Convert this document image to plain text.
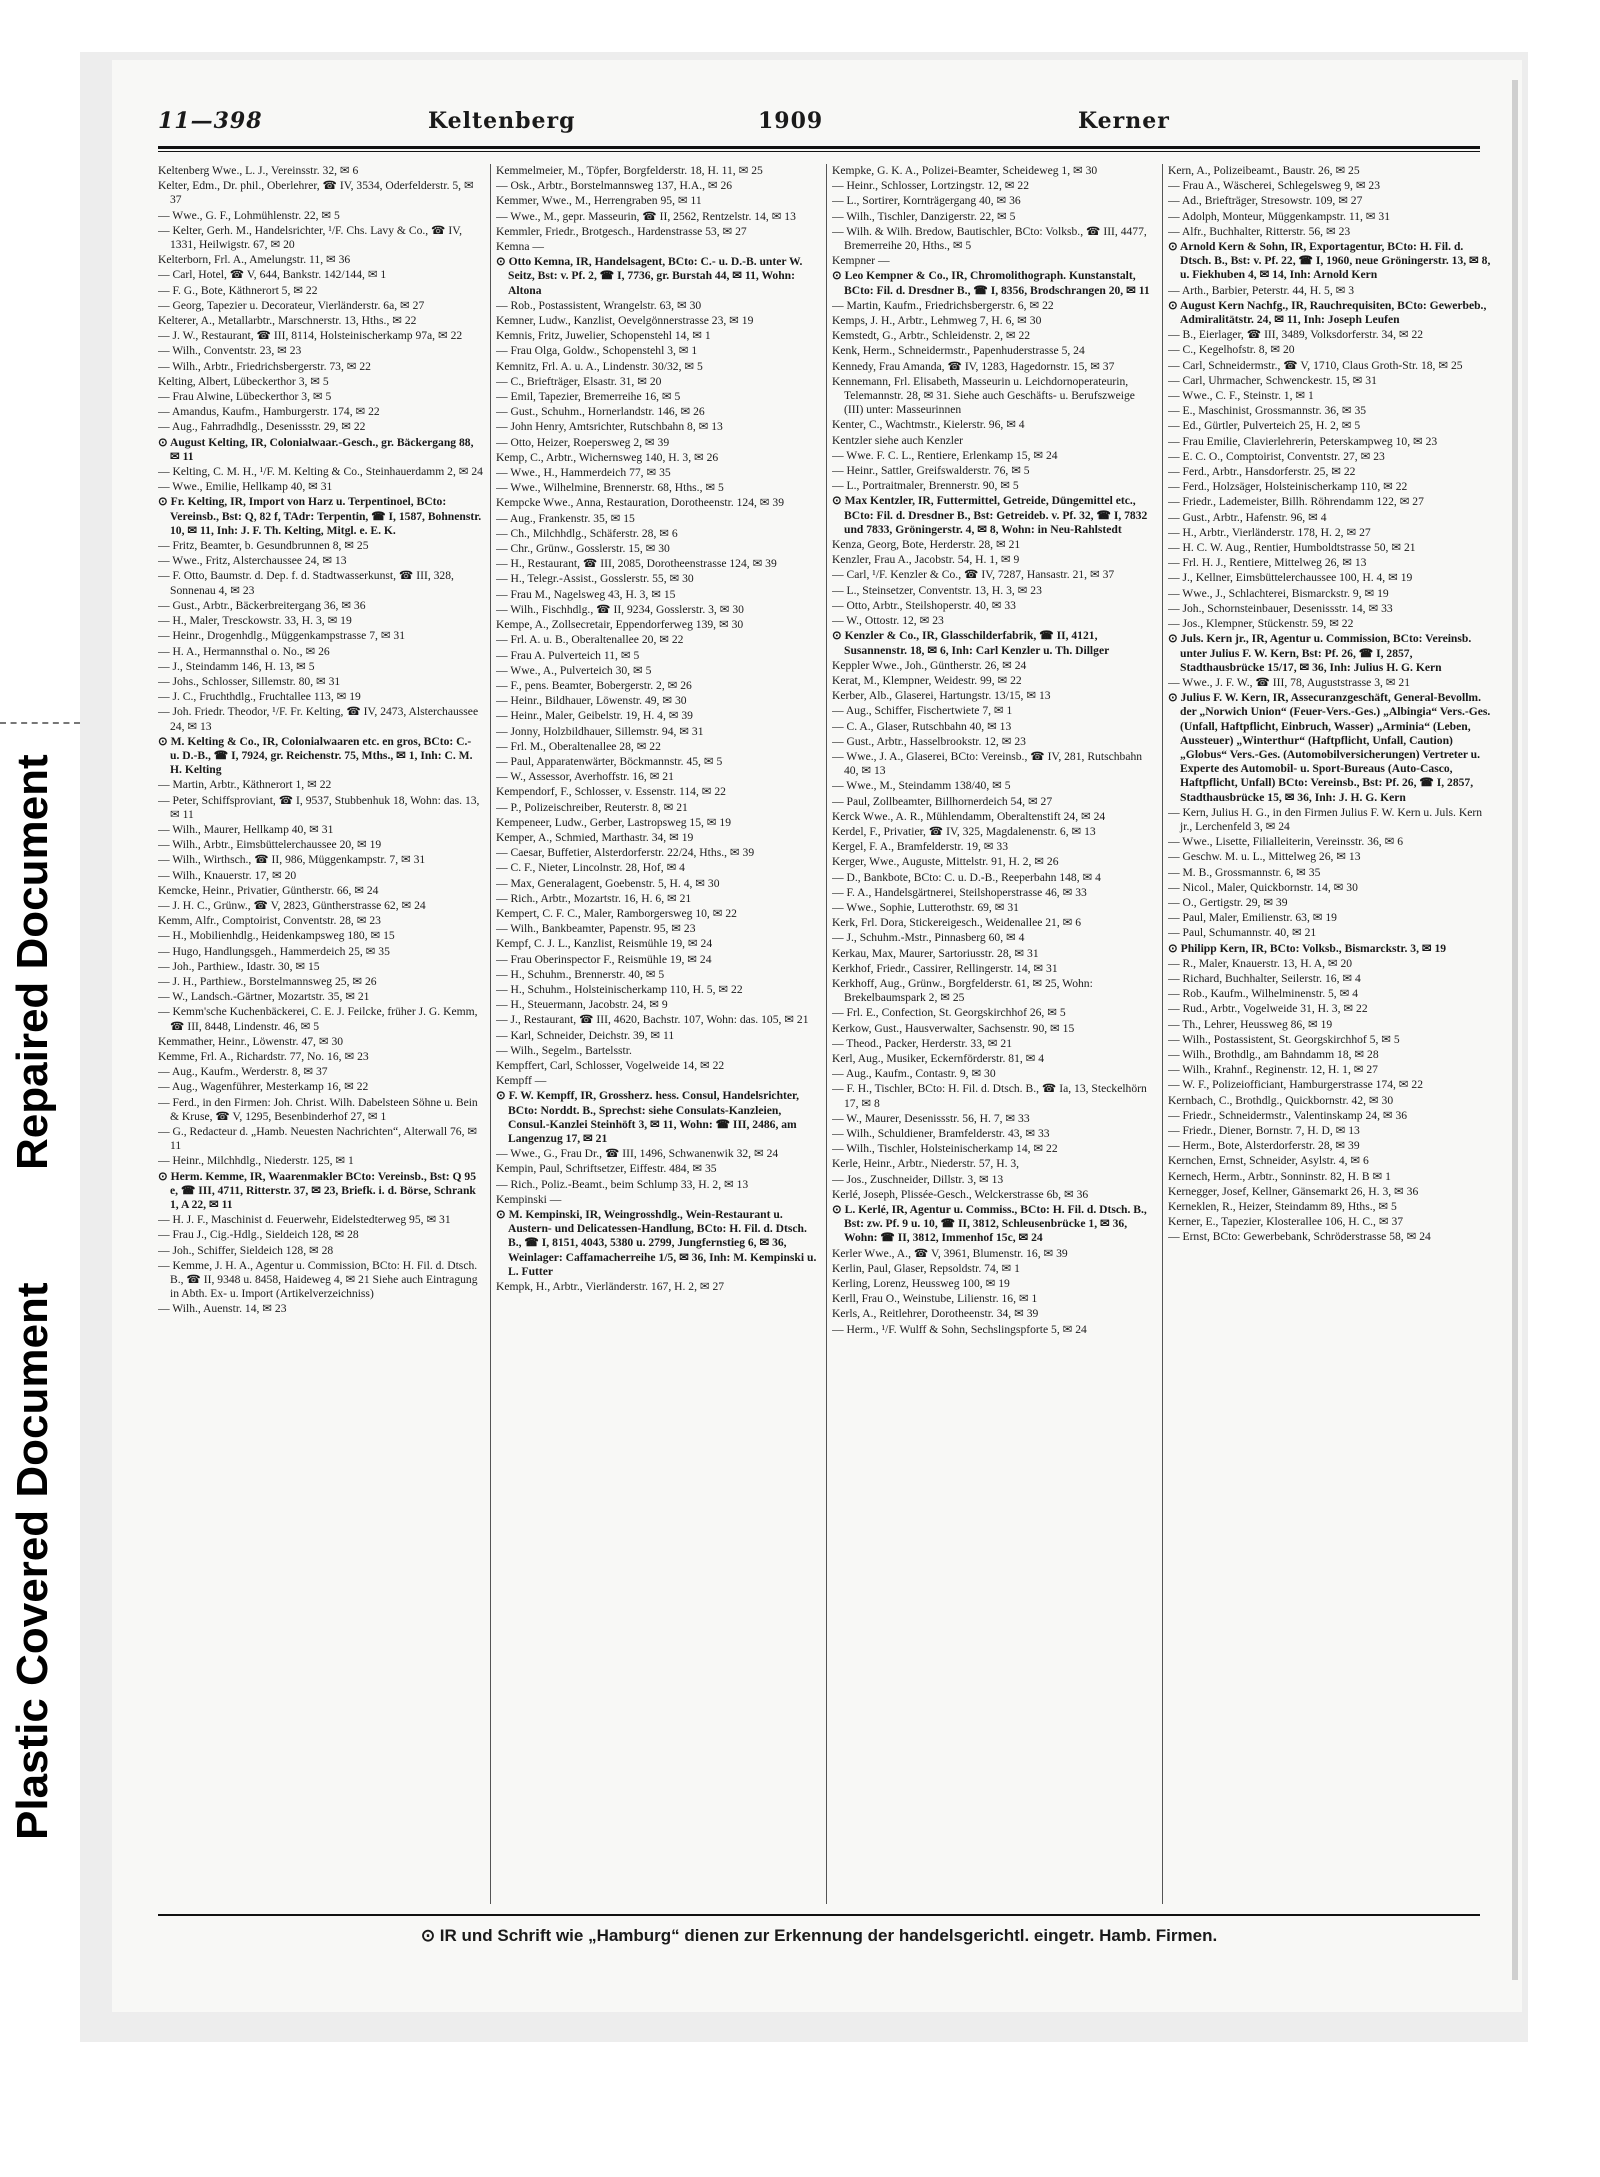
Repaired Document
Plastic Covered Document
11—398	Keltenberg	1909	Kerner

Keltenberg Wwe., L. J., Vereinsstr. 32, ✉ 6

Kelter, Edm., Dr. phil., Oberlehrer, ☎ IV, 3534, Oderfelderstr. 5, ✉ 37

— Wwe., G. F., Lohmühlenstr. 22, ✉ 5

— Kelter, Gerh. M., Handelsrichter, ¹/F. Chs. Lavy & Co., ☎ IV, 1331, Heilwigstr. 67, ✉ 20

Kelterborn, Frl. A., Amelungstr. 11, ✉ 36

— Carl, Hotel, ☎ V, 644, Bankstr. 142/144, ✉ 1

— F. G., Bote, Käthnerort 5, ✉ 22

— Georg, Tapezier u. Decorateur, Vierländerstr. 6a, ✉ 27

Kelterer, A., Metallarbtr., Marschnerstr. 13, Hths., ✉ 22

— J. W., Restaurant, ☎ III, 8114, Holsteinischerkamp 97a, ✉ 22

— Wilh., Conventstr. 23, ✉ 23

— Wilh., Arbtr., Friedrichsbergerstr. 73, ✉ 22

Kelting, Albert, Lübeckerthor 3, ✉ 5

— Frau Alwine, Lübeckerthor 3, ✉ 5

— Amandus, Kaufm., Hamburgerstr. 174, ✉ 22

— Aug., Fahrradhdlg., Desenissstr. 29, ✉ 22

⊙ August Kelting, IR, Colonialwaar.-Gesch., gr. Bäckergang 88, ✉ 11

— Kelting, C. M. H., ¹/F. M. Kelting & Co., Steinhauerdamm 2, ✉ 24

— Wwe., Emilie, Hellkamp 40, ✉ 31

⊙ Fr. Kelting, IR, Import von Harz u. Terpentinoel, BCto: Vereinsb., Bst: Q, 82 f, TAdr: Terpentin, ☎ I, 1587, Bohnenstr. 10, ✉ 11, Inh: J. F. Th. Kelting, Mitgl. e. E. K.

— Fritz, Beamter, b. Gesundbrunnen 8, ✉ 25

— Wwe., Fritz, Alsterchaussee 24, ✉ 13

— F. Otto, Baumstr. d. Dep. f. d. Stadtwasserkunst, ☎ III, 328, Sonnenau 4, ✉ 23

— Gust., Arbtr., Bäckerbreitergang 36, ✉ 36

— H., Maler, Tresckowstr. 33, H. 3, ✉ 19

— Heinr., Drogenhdlg., Müggenkampstrasse 7, ✉ 31

— H. A., Hermannsthal o. No., ✉ 26

— J., Steindamm 146, H. 13, ✉ 5

— Johs., Schlosser, Sillemstr. 80, ✉ 31

— J. C., Fruchthdlg., Fruchtallee 113, ✉ 19

— Joh. Friedr. Theodor, ¹/F. Fr. Kelting, ☎ IV, 2473, Alsterchaussee 24, ✉ 13

⊙ M. Kelting & Co., IR, Colonialwaaren etc. en gros, BCto: C.- u. D.-B., ☎ I, 7924, gr. Reichenstr. 75, Mths., ✉ 1, Inh: C. M. H. Kelting

— Martin, Arbtr., Käthnerort 1, ✉ 22

— Peter, Schiffsproviant, ☎ I, 9537, Stubbenhuk 18, Wohn: das. 13, ✉ 11

— Wilh., Maurer, Hellkamp 40, ✉ 31

— Wilh., Arbtr., Eimsbüttelerchaussee 20, ✉ 19

— Wilh., Wirthsch., ☎ II, 986, Müggenkampstr. 7, ✉ 31

— Wilh., Knauerstr. 17, ✉ 20

Kemcke, Heinr., Privatier, Güntherstr. 66, ✉ 24

— J. H. C., Grünw., ☎ V, 2823, Güntherstrasse 62, ✉ 24

Kemm, Alfr., Comptoirist, Conventstr. 28, ✉ 23

— H., Mobilienhdlg., Heidenkampsweg 180, ✉ 15

— Hugo, Handlungsgeh., Hammerdeich 25, ✉ 35

— Joh., Parthiew., Idastr. 30, ✉ 15

— J. H., Parthiew., Borstelmannsweg 25, ✉ 26

— W., Landsch.-Gärtner, Mozartstr. 35, ✉ 21

— Kemm'sche Kuchenbäckerei, C. E. J. Feilcke, früher J. G. Kemm, ☎ III, 8448, Lindenstr. 46, ✉ 5

Kemmather, Heinr., Löwenstr. 47, ✉ 30

Kemme, Frl. A., Richardstr. 77, No. 16, ✉ 23

— Aug., Kaufm., Werderstr. 8, ✉ 37

— Aug., Wagenführer, Mesterkamp 16, ✉ 22

— Ferd., in den Firmen: Joh. Christ. Wilh. Dabelsteen Söhne u. Bein & Kruse, ☎ V, 1295, Besenbinderhof 27, ✉ 1

— G., Redacteur d. „Hamb. Neuesten Nachrichten“, Alterwall 76, ✉ 11

— Heinr., Milchhdlg., Niederstr. 125, ✉ 1

⊙ Herm. Kemme, IR, Waarenmakler BCto: Vereinsb., Bst: Q 95 e, ☎ III, 4711, Ritterstr. 37, ✉ 23, Briefk. i. d. Börse, Schrank 1, A 22, ✉ 11

— H. J. F., Maschinist d. Feuerwehr, Eidelstedterweg 95, ✉ 31

— Frau J., Cig.-Hdlg., Sieldeich 128, ✉ 28

— Joh., Schiffer, Sieldeich 128, ✉ 28

— Kemme, J. H. A., Agentur u. Commission, BCto: H. Fil. d. Dtsch. B., ☎ II, 9348 u. 8458, Haideweg 4, ✉ 21 Siehe auch Eintragung in Abth. Ex- u. Import (Artikelverzeichniss)

— Wilh., Auenstr. 14, ✉ 23

Kemmelmeier, M., Töpfer, Borgfelderstr. 18, H. 11, ✉ 25

— Osk., Arbtr., Borstelmannsweg 137, H.A., ✉ 26

Kemmer, Wwe., M., Herrengraben 95, ✉ 11

— Wwe., M., gepr. Masseurin, ☎ II, 2562, Rentzelstr. 14, ✉ 13

Kemmler, Friedr., Brotgesch., Hardenstrasse 53, ✉ 27

Kemna —

⊙ Otto Kemna, IR, Handelsagent, BCto: C.- u. D.-B. unter W. Seitz, Bst: v. Pf. 2, ☎ I, 7736, gr. Burstah 44, ✉ 11, Wohn: Altona

— Rob., Postassistent, Wrangelstr. 63, ✉ 30

Kemner, Ludw., Kanzlist, Oevelgönnerstrasse 23, ✉ 19

Kemnis, Fritz, Juwelier, Schopenstehl 14, ✉ 1

— Frau Olga, Goldw., Schopenstehl 3, ✉ 1

Kemnitz, Frl. A. u. A., Lindenstr. 30/32, ✉ 5

— C., Briefträger, Elsastr. 31, ✉ 20

— Emil, Tapezier, Bremerreihe 16, ✉ 5

— Gust., Schuhm., Hornerlandstr. 146, ✉ 26

— John Henry, Amtsrichter, Rutschbahn 8, ✉ 13

— Otto, Heizer, Roepersweg 2, ✉ 39

Kemp, C., Arbtr., Wichernsweg 140, H. 3, ✉ 26

— Wwe., H., Hammerdeich 77, ✉ 35

— Wwe., Wilhelmine, Brennerstr. 68, Hths., ✉ 5

Kempcke Wwe., Anna, Restauration, Dorotheenstr. 124, ✉ 39

— Aug., Frankenstr. 35, ✉ 15

— Ch., Milchhdlg., Schäferstr. 28, ✉ 6

— Chr., Grünw., Gosslerstr. 15, ✉ 30

— H., Restaurant, ☎ III, 2085, Dorotheenstrasse 124, ✉ 39

— H., Telegr.-Assist., Gosslerstr. 55, ✉ 30

— Frau M., Nagelsweg 43, H. 3, ✉ 15

— Wilh., Fischhdlg., ☎ II, 9234, Gosslerstr. 3, ✉ 30

Kempe, A., Zollsecretair, Eppendorferweg 139, ✉ 30

— Frl. A. u. B., Oberaltenallee 20, ✉ 22

— Frau A. Pulverteich 11, ✉ 5

— Wwe., A., Pulverteich 30, ✉ 5

— F., pens. Beamter, Bobergerstr. 2, ✉ 26

— Heinr., Bildhauer, Löwenstr. 49, ✉ 30

— Heinr., Maler, Geibelstr. 19, H. 4, ✉ 39

— Jonny, Holzbildhauer, Sillemstr. 94, ✉ 31

— Frl. M., Oberaltenallee 28, ✉ 22

— Paul, Apparatenwärter, Böckmannstr. 45, ✉ 5

— W., Assessor, Averhoffstr. 16, ✉ 21

Kempendorf, F., Schlosser, v. Essenstr. 114, ✉ 22

— P., Polizeischreiber, Reuterstr. 8, ✉ 21

Kempeneer, Ludw., Gerber, Lastropsweg 15, ✉ 19

Kemper, A., Schmied, Marthastr. 34, ✉ 19

— Caesar, Buffetier, Alsterdorferstr. 22/24, Hths., ✉ 39

— C. F., Nieter, Lincolnstr. 28, Hof, ✉ 4

— Max, Generalagent, Goebenstr. 5, H. 4, ✉ 30

— Rich., Arbtr., Mozartstr. 16, H. 6, ✉ 21

Kempert, C. F. C., Maler, Ramborgersweg 10, ✉ 22

— Wilh., Bankbeamter, Papenstr. 95, ✉ 23

Kempf, C. J. L., Kanzlist, Reismühle 19, ✉ 24

— Frau Oberinspector F., Reismühle 19, ✉ 24

— H., Schuhm., Brennerstr. 40, ✉ 5

— H., Schuhm., Holsteinischerkamp 110, H. 5, ✉ 22

— H., Steuermann, Jacobstr. 24, ✉ 9

— J., Restaurant, ☎ III, 4620, Bachstr. 107, Wohn: das. 105, ✉ 21

— Karl, Schneider, Deichstr. 39, ✉ 11

— Wilh., Segelm., Bartelsstr.

Kempffert, Carl, Schlosser, Vogelweide 14, ✉ 22

Kempff —

⊙ F. W. Kempff, IR, Grossherz. hess. Consul, Handelsrichter, BCto: Norddt. B., Sprechst: siehe Consulats-Kanzleien, Consul.-Kanzlei Steinhöft 3, ✉ 11, Wohn: ☎ III, 2486, am Langenzug 17, ✉ 21

— Wwe., G., Frau Dr., ☎ III, 1496, Schwanenwik 32, ✉ 24

Kempin, Paul, Schriftsetzer, Eiffestr. 484, ✉ 35

— Rich., Poliz.-Beamt., beim Schlump 33, H. 2, ✉ 13

Kempinski —

⊙ M. Kempinski, IR, Weingrosshdlg., Wein-Restaurant u. Austern- und Delicatessen-Handlung, BCto: H. Fil. d. Dtsch. B., ☎ I, 8151, 4043, 5380 u. 2799, Jungfernstieg 6, ✉ 36, Weinlager: Caffamacherreihe 1/5, ✉ 36, Inh: M. Kempinski u. L. Futter

Kempk, H., Arbtr., Vierländerstr. 167, H. 2, ✉ 27

Kempke, G. K. A., Polizei-Beamter, Scheideweg 1, ✉ 30

— Heinr., Schlosser, Lortzingstr. 12, ✉ 22

— L., Sortirer, Kornträgergang 40, ✉ 36

— Wilh., Tischler, Danzigerstr. 22, ✉ 5

— Wilh. & Wilh. Bredow, Bautischler, BCto: Volksb., ☎ III, 4477, Bremerreihe 20, Hths., ✉ 5

Kempner —

⊙ Leo Kempner & Co., IR, Chromolithograph. Kunstanstalt, BCto: Fil. d. Dresdner B., ☎ I, 8356, Brodschrangen 20, ✉ 11

— Martin, Kaufm., Friedrichsbergerstr. 6, ✉ 22

Kemps, J. H., Arbtr., Lehmweg 7, H. 6, ✉ 30

Kemstedt, G., Arbtr., Schleidenstr. 2, ✉ 22

Kenk, Herm., Schneidermstr., Papenhuderstrasse 5, 24

Kennedy, Frau Amanda, ☎ IV, 1283, Hagedornstr. 15, ✉ 37

Kennemann, Frl. Elisabeth, Masseurin u. Leichdornoperateurin, Telemannstr. 28, ✉ 31. Siehe auch Geschäfts- u. Berufszweige (III) unter: Masseurinnen

Kenter, C., Wachtmstr., Kielerstr. 96, ✉ 4

Kentzler siehe auch Kenzler

— Wwe. F. C. L., Rentiere, Erlenkamp 15, ✉ 24

— Heinr., Sattler, Greifswalderstr. 76, ✉ 5

— L., Portraitmaler, Brennerstr. 90, ✉ 5

⊙ Max Kentzler, IR, Futtermittel, Getreide, Düngemittel etc., BCto: Fil. d. Dresdner B., Bst: Getreideb. v. Pf. 32, ☎ I, 7832 und 7833, Gröningerstr. 4, ✉ 8, Wohn: in Neu-Rahlstedt

Kenza, Georg, Bote, Herderstr. 28, ✉ 21

Kenzler, Frau A., Jacobstr. 54, H. 1, ✉ 9

— Carl, ¹/F. Kenzler & Co., ☎ IV, 7287, Hansastr. 21, ✉ 37

— L., Steinsetzer, Conventstr. 13, H. 3, ✉ 23

— Otto, Arbtr., Steilshoperstr. 40, ✉ 33

— W., Ottostr. 12, ✉ 23

⊙ Kenzler & Co., IR, Glasschilderfabrik, ☎ II, 4121, Susannenstr. 18, ✉ 6, Inh: Carl Kenzler u. Th. Dillger

Keppler Wwe., Joh., Güntherstr. 26, ✉ 24

Kerat, M., Klempner, Weidestr. 99, ✉ 22

Kerber, Alb., Glaserei, Hartungstr. 13/15, ✉ 13

— Aug., Schiffer, Fischertwiete 7, ✉ 1

— C. A., Glaser, Rutschbahn 40, ✉ 13

— Gust., Arbtr., Hasselbrookstr. 12, ✉ 23

— Wwe., J. A., Glaserei, BCto: Vereinsb., ☎ IV, 281, Rutschbahn 40, ✉ 13

— Wwe., M., Steindamm 138/40, ✉ 5

— Paul, Zollbeamter, Billhornerdeich 54, ✉ 27

Kerck Wwe., A. R., Mühlendamm, Oberaltenstift 24, ✉ 24

Kerdel, F., Privatier, ☎ IV, 325, Magdalenenstr. 6, ✉ 13

Kergel, F. A., Bramfelderstr. 19, ✉ 33

Kerger, Wwe., Auguste, Mittelstr. 91, H. 2, ✉ 26

— D., Bankbote, BCto: C. u. D.-B., Reeperbahn 148, ✉ 4

— F. A., Handelsgärtnerei, Steilshoperstrasse 46, ✉ 33

— Wwe., Sophie, Lutterothstr. 69, ✉ 31

Kerk, Frl. Dora, Stickereigesch., Weidenallee 21, ✉ 6

— J., Schuhm.-Mstr., Pinnasberg 60, ✉ 4

Kerkau, Max, Maurer, Sartoriusstr. 28, ✉ 31

Kerkhof, Friedr., Cassirer, Rellingerstr. 14, ✉ 31

Kerkhoff, Aug., Grünw., Borgfelderstr. 61, ✉ 25, Wohn: Brekelbaumspark 2, ✉ 25

— Frl. E., Confection, St. Georgskirchhof 26, ✉ 5

Kerkow, Gust., Hausverwalter, Sachsenstr. 90, ✉ 15

— Theod., Packer, Herderstr. 33, ✉ 21

Kerl, Aug., Musiker, Eckernförderstr. 81, ✉ 4

— Aug., Kaufm., Contastr. 9, ✉ 30

— F. H., Tischler, BCto: H. Fil. d. Dtsch. B., ☎ Ia, 13, Steckelhörn 17, ✉ 8

— W., Maurer, Desenissstr. 56, H. 7, ✉ 33

— Wilh., Schuldiener, Bramfelderstr. 43, ✉ 33

— Wilh., Tischler, Holsteinischerkamp 14, ✉ 22

Kerle, Heinr., Arbtr., Niederstr. 57, H. 3,

— Jos., Zuschneider, Dillstr. 3, ✉ 13

Kerlé, Joseph, Plissée-Gesch., Welckerstrasse 6b, ✉ 36

⊙ L. Kerlé, IR, Agentur u. Commiss., BCto: H. Fil. d. Dtsch. B., Bst: zw. Pf. 9 u. 10, ☎ II, 3812, Schleusenbrücke 1, ✉ 36, Wohn: ☎ II, 3812, Immenhof 15c, ✉ 24

Kerler Wwe., A., ☎ V, 3961, Blumenstr. 16, ✉ 39

Kerlin, Paul, Glaser, Repsoldstr. 74, ✉ 1

Kerling, Lorenz, Heussweg 100, ✉ 19

Kerll, Frau O., Weinstube, Lilienstr. 16, ✉ 1

Kerls, A., Reitlehrer, Dorotheenstr. 34, ✉ 39

— Herm., ¹/F. Wulff & Sohn, Sechslingspforte 5, ✉ 24

Kern, A., Polizeibeamt., Baustr. 26, ✉ 25

— Frau A., Wäscherei, Schlegelsweg 9, ✉ 23

— Ad., Briefträger, Stresowstr. 109, ✉ 27

— Adolph, Monteur, Müggenkampstr. 11, ✉ 31

— Alfr., Buchhalter, Ritterstr. 56, ✉ 23

⊙ Arnold Kern & Sohn, IR, Exportagentur, BCto: H. Fil. d. Dtsch. B., Bst: v. Pf. 22, ☎ I, 1960, neue Gröningerstr. 13, ✉ 8, u. Fiekhuben 4, ✉ 14, Inh: Arnold Kern

— Arth., Barbier, Peterstr. 44, H. 5, ✉ 3

⊙ August Kern Nachfg., IR, Rauchrequisiten, BCto: Gewerbeb., Admiralitätstr. 24, ✉ 11, Inh: Joseph Leufen

— B., Eierlager, ☎ III, 3489, Volksdorferstr. 34, ✉ 22

— C., Kegelhofstr. 8, ✉ 20

— Carl, Schneidermstr., ☎ V, 1710, Claus Groth-Str. 18, ✉ 25

— Carl, Uhrmacher, Schwenckestr. 15, ✉ 31

— Wwe., C. F., Steinstr. 1, ✉ 1

— E., Maschinist, Grossmannstr. 36, ✉ 35

— Ed., Gürtler, Pulverteich 25, H. 2, ✉ 5

— Frau Emilie, Clavierlehrerin, Peterskampweg 10, ✉ 23

— E. C. O., Comptoirist, Conventstr. 27, ✉ 23

— Ferd., Arbtr., Hansdorferstr. 25, ✉ 22

— Ferd., Holzsäger, Holsteinischerkamp 110, ✉ 22

— Friedr., Lademeister, Billh. Röhrendamm 122, ✉ 27

— Gust., Arbtr., Hafenstr. 96, ✉ 4

— H., Arbtr., Vierländerstr. 178, H. 2, ✉ 27

— H. C. W. Aug., Rentier, Humboldtstrasse 50, ✉ 21

— Frl. H. J., Rentiere, Mittelweg 26, ✉ 13

— J., Kellner, Eimsbüttelerchaussee 100, H. 4, ✉ 19

— Wwe., J., Schlachterei, Bismarckstr. 9, ✉ 19

— Joh., Schornsteinbauer, Desenissstr. 14, ✉ 33

— Jos., Klempner, Stückenstr. 59, ✉ 22

⊙ Juls. Kern jr., IR, Agentur u. Commission, BCto: Vereinsb. unter Julius F. W. Kern, Bst: Pf. 26, ☎ I, 2857, Stadthausbrücke 15/17, ✉ 36, Inh: Julius H. G. Kern

— Wwe., J. F. W., ☎ III, 78, Auguststrasse 3, ✉ 21

⊙ Julius F. W. Kern, IR, Assecuranzgeschäft, General-Bevollm. der „Norwich Union“ (Feuer-Vers.-Ges.) „Albingia“ Vers.-Ges. (Unfall, Haftpflicht, Einbruch, Wasser) „Arminia“ (Leben, Aussteuer) „Winterthur“ (Haftpflicht, Unfall, Caution) „Globus“ Vers.-Ges. (Automobilversicherungen) Vertreter u. Experte des Automobil- u. Sport-Bureaus (Auto-Casco, Haftpflicht, Unfall) BCto: Vereinsb., Bst: Pf. 26, ☎ I, 2857, Stadthausbrücke 15, ✉ 36, Inh: J. H. G. Kern

— Kern, Julius H. G., in den Firmen Julius F. W. Kern u. Juls. Kern jr., Lerchenfeld 3, ✉ 24

— Wwe., Lisette, Filialleiterin, Vereinsstr. 36, ✉ 6

— Geschw. M. u. L., Mittelweg 26, ✉ 13

— M. B., Grossmannstr. 6, ✉ 35

— Nicol., Maler, Quickbornstr. 14, ✉ 30

— O., Gertigstr. 29, ✉ 39

— Paul, Maler, Emilienstr. 63, ✉ 19

— Paul, Schumannstr. 40, ✉ 21

⊙ Philipp Kern, IR, BCto: Volksb., Bismarckstr. 3, ✉ 19

— R., Maler, Knauerstr. 13, H. A, ✉ 20

— Richard, Buchhalter, Seilerstr. 16, ✉ 4

— Rob., Kaufm., Wilhelminenstr. 5, ✉ 4

— Rud., Arbtr., Vogelweide 31, H. 3, ✉ 22

— Th., Lehrer, Heussweg 86, ✉ 19

— Wilh., Postassistent, St. Georgskirchhof 5, ✉ 5

— Wilh., Brothdlg., am Bahndamm 18, ✉ 28

— Wilh., Krahnf., Reginenstr. 12, H. 1, ✉ 27

— W. F., Polizeiofficiant, Hamburgerstrasse 174, ✉ 22

Kernbach, C., Brothdlg., Quickbornstr. 42, ✉ 30

— Friedr., Schneidermstr., Valentinskamp 24, ✉ 36

— Friedr., Diener, Bornstr. 7, H. D, ✉ 13

— Herm., Bote, Alsterdorferstr. 28, ✉ 39

Kernchen, Ernst, Schneider, Asylstr. 4, ✉ 6

Kernech, Herm., Arbtr., Sonninstr. 82, H. B ✉ 1

Kernegger, Josef, Kellner, Gänsemarkt 26, H. 3, ✉ 36

Kerneklen, R., Heizer, Steindamm 89, Hths., ✉ 5

Kerner, E., Tapezier, Klosterallee 106, H. C., ✉ 37

— Ernst, BCto: Gewerbebank, Schröderstrasse 58, ✉ 24

⊙ IR und Schrift wie „Hamburg“ dienen zur Erkennung der handelsgerichtl. eingetr. Hamb. Firmen.
